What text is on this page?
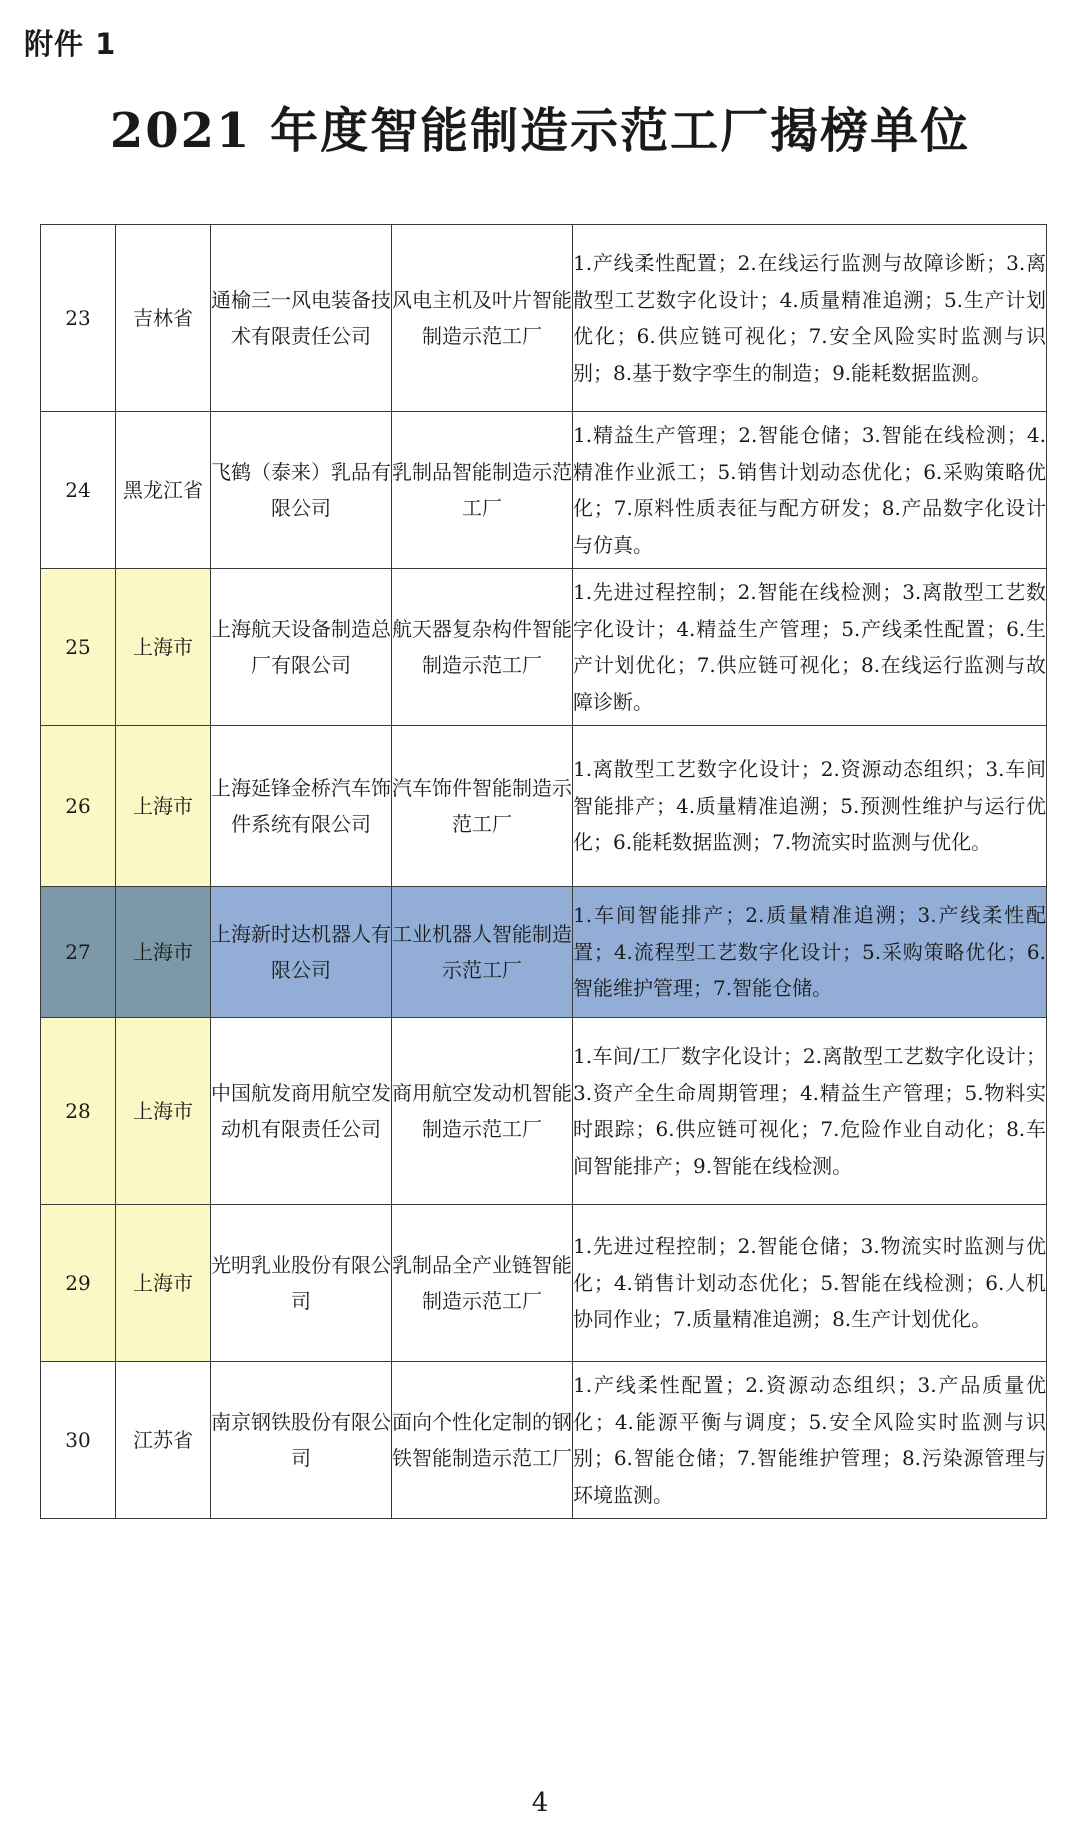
附件 1
2021 年度智能制造示范工厂揭榜单位
23	吉林省	通榆三一风电装备技术有限责任公司	风电主机及叶片智能制造示范工厂	1.产线柔性配置；2.在线运行监测与故障诊断；3.离散型工艺数字化设计；4.质量精准追溯；5.生产计划优化；6.供应链可视化；7.安全风险实时监测与识别；8.基于数字孪生的制造；9.能耗数据监测。
24	黑龙江省	飞鹤（泰来）乳品有限公司	乳制品智能制造示范工厂	1.精益生产管理；2.智能仓储；3.智能在线检测；4.精准作业派工；5.销售计划动态优化；6.采购策略优化；7.原料性质表征与配方研发；8.产品数字化设计与仿真。
25	上海市	上海航天设备制造总厂有限公司	航天器复杂构件智能制造示范工厂	1.先进过程控制；2.智能在线检测；3.离散型工艺数字化设计；4.精益生产管理；5.产线柔性配置；6.生产计划优化；7.供应链可视化；8.在线运行监测与故障诊断。
26	上海市	上海延锋金桥汽车饰件系统有限公司	汽车饰件智能制造示范工厂	1.离散型工艺数字化设计；2.资源动态组织；3.车间智能排产；4.质量精准追溯；5.预测性维护与运行优化；6.能耗数据监测；7.物流实时监测与优化。
27	上海市	上海新时达机器人有限公司	工业机器人智能制造示范工厂	1.车间智能排产；2.质量精准追溯；3.产线柔性配置；4.流程型工艺数字化设计；5.采购策略优化；6.智能维护管理；7.智能仓储。
28	上海市	中国航发商用航空发动机有限责任公司	商用航空发动机智能制造示范工厂	1.车间/工厂数字化设计；2.离散型工艺数字化设计；3.资产全生命周期管理；4.精益生产管理；5.物料实时跟踪；6.供应链可视化；7.危险作业自动化；8.车间智能排产；9.智能在线检测。
29	上海市	光明乳业股份有限公司	乳制品全产业链智能制造示范工厂	1.先进过程控制；2.智能仓储；3.物流实时监测与优化；4.销售计划动态优化；5.智能在线检测；6.人机协同作业；7.质量精准追溯；8.生产计划优化。
30	江苏省	南京钢铁股份有限公司	面向个性化定制的钢铁智能制造示范工厂	1.产线柔性配置；2.资源动态组织；3.产品质量优化；4.能源平衡与调度；5.安全风险实时监测与识别；6.智能仓储；7.智能维护管理；8.污染源管理与环境监测。
4
